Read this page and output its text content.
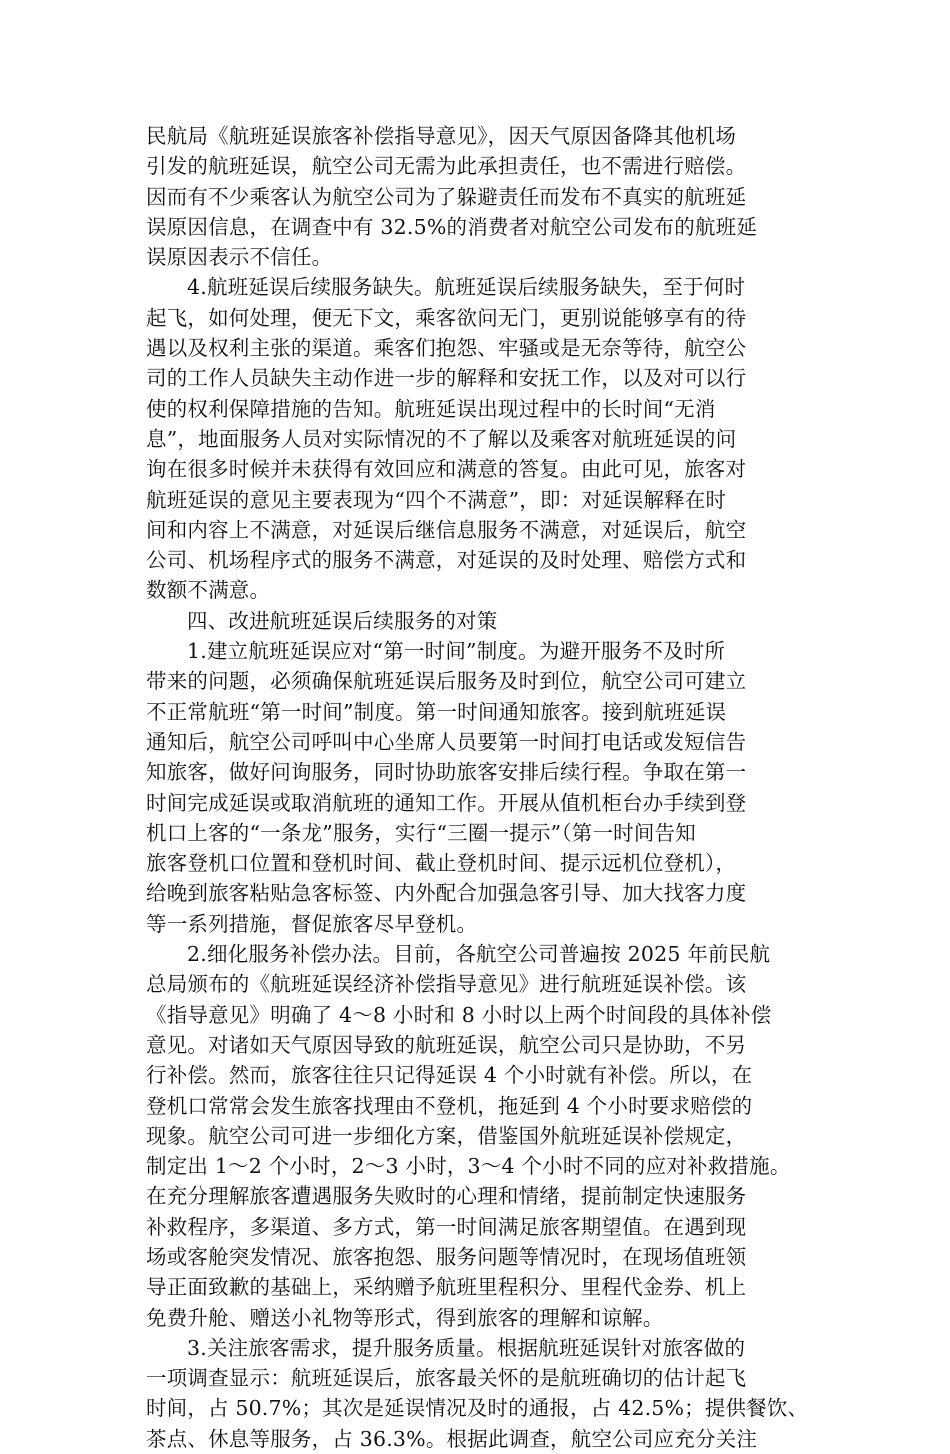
民航局《航班延误旅客补偿指导意见》，因天气原因备降其他机场
引发的航班延误，航空公司无需为此承担责任，也不需进行赔偿。
因而有不少乘客认为航空公司为了躲避责任而发布不真实的航班延
误原因信息，在调查中有 32.5%的消费者对航空公司发布的航班延
误原因表示不信任。
4.航班延误后续服务缺失。航班延误后续服务缺失，至于何时
起飞，如何处理，便无下文，乘客欲问无门，更别说能够享有的待
遇以及权利主张的渠道。乘客们抱怨、牢骚或是无奈等待，航空公
司的工作人员缺失主动作进一步的解释和安抚工作，以及对可以行
使的权利保障措施的告知。航班延误出现过程中的长时间“无消
息”，地面服务人员对实际情况的不了解以及乘客对航班延误的问
询在很多时候并未获得有效回应和满意的答复。由此可见，旅客对
航班延误的意见主要表现为“四个不满意”，即：对延误解释在时
间和内容上不满意，对延误后继信息服务不满意，对延误后，航空
公司、机场程序式的服务不满意，对延误的及时处理、赔偿方式和
数额不满意。
四、改进航班延误后续服务的对策
1.建立航班延误应对“第一时间”制度。为避开服务不及时所
带来的问题，必须确保航班延误后服务及时到位，航空公司可建立
不正常航班“第一时间”制度。第一时间通知旅客。接到航班延误
通知后，航空公司呼叫中心坐席人员要第一时间打电话或发短信告
知旅客，做好问询服务，同时协助旅客安排后续行程。争取在第一
时间完成延误或取消航班的通知工作。开展从值机柜台办手续到登
机口上客的“一条龙”服务，实行“三圈一提示”（第一时间告知
旅客登机口位置和登机时间、截止登机时间、提示远机位登机），
给晚到旅客粘贴急客标签、内外配合加强急客引导、加大找客力度
等一系列措施，督促旅客尽早登机。
2.细化服务补偿办法。目前，各航空公司普遍按 2025 年前民航
总局颁布的《航班延误经济补偿指导意见》进行航班延误补偿。该
《指导意见》明确了 4～8 小时和 8 小时以上两个时间段的具体补偿
意见。对诸如天气原因导致的航班延误，航空公司只是协助，不另
行补偿。然而，旅客往往只记得延误 4 个小时就有补偿。所以，在
登机口常常会发生旅客找理由不登机，拖延到 4 个小时要求赔偿的
现象。航空公司可进一步细化方案，借鉴国外航班延误补偿规定，
制定出 1～2 个小时，2～3 小时，3～4 个小时不同的应对补救措施。
在充分理解旅客遭遇服务失败时的心理和情绪，提前制定快速服务
补救程序，多渠道、多方式，第一时间满足旅客期望值。在遇到现
场或客舱突发情况、旅客抱怨、服务问题等情况时，在现场值班领
导正面致歉的基础上，采纳赠予航班里程积分、里程代金券、机上
免费升舱、赠送小礼物等形式，得到旅客的理解和谅解。
3.关注旅客需求，提升服务质量。根据航班延误针对旅客做的
一项调查显示：航班延误后，旅客最关怀的是航班确切的估计起飞
时间，占 50.7%；其次是延误情况及时的通报，占 42.5%；提供餐饮、
茶点、休息等服务，占 36.3%。根据此调查，航空公司应充分关注
